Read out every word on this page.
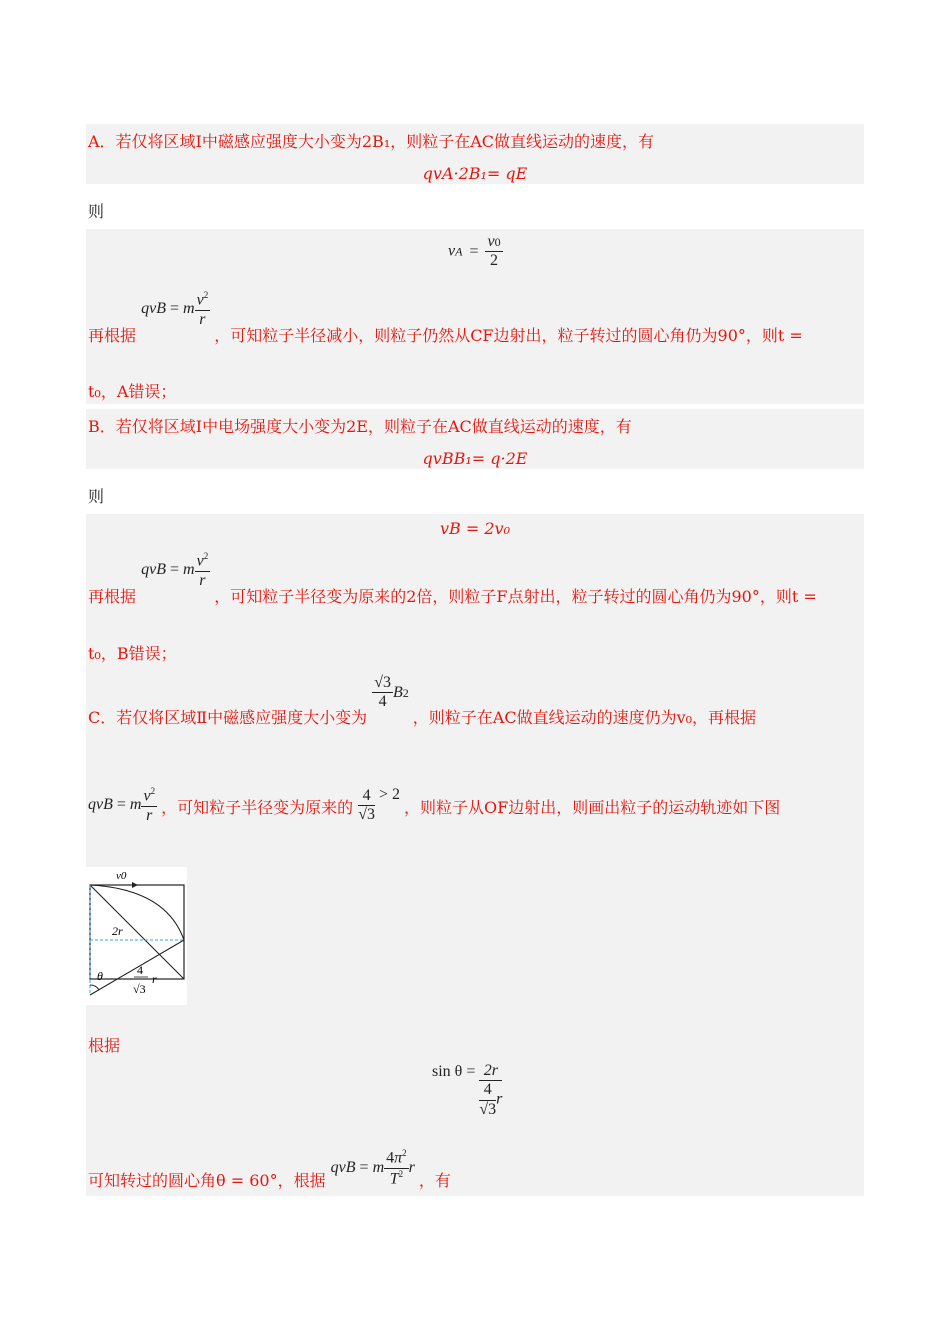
A．若仅将区域Ⅰ中磁感应强度大小变为2B₁，则粒子在AC做直线运动的速度，有
qvA·2B₁= qE
则
vA = $\frac{v0}{2}$
再根据 qvB = m $\frac{v^2}{r}$
，可知粒子半径减小，则粒子仍然从CF边射出，粒子转过的圆心角仍为90°，则t =
t₀，A错误；
B．若仅将区域Ⅰ中电场强度大小变为2E，则粒子在AC做直线运动的速度，有
qvBB₁= q·2E
则
vB = 2v₀
再根据 qvB = m $\frac{v^2}{r}$
，可知粒子半径变为原来的2倍，则粒子F点射出，粒子转过的圆心角仍为90°，则t =
t₀，B错误；
C．若仅将区域Ⅱ中磁感应强度大小变为
$\frac{√3}{4} B2$ ，则粒子在AC做直线运动的速度仍为v₀，再根据
qvB = m $\frac{v^2}{r}$ ，可知粒子半径变为原来的 $\frac{4}{√3} > 2$ ，则粒子从OF边射出，则画出粒子的运动轨迹如下图
v0
2r
θ	4
√3
r
根据
$\sin \theta = \frac{2r}{\frac{4}{√3} r}$
可知转过的圆心角θ = 60°，根据 qvB = m $\frac{4\pi^2}{T^2}$ r ，有
